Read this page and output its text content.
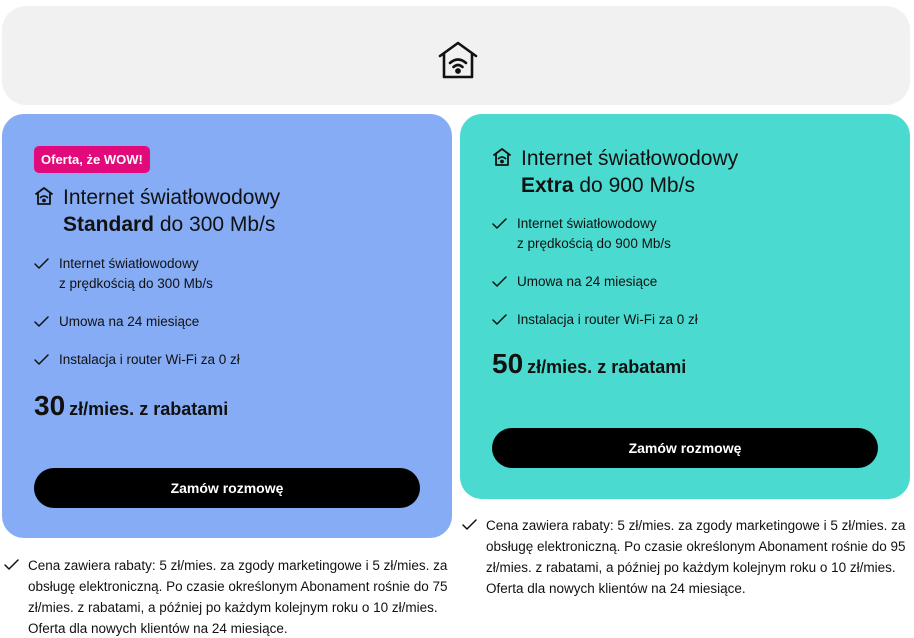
Oferta, że WOW!
Internet światłowodowy
Standard do 300 Mb/s
Internet światłowodowy
z prędkością do 300 Mb/s
Umowa na 24 miesiące
Instalacja i router Wi-Fi za 0 zł
30 zł/mies. z rabatami
Zamów rozmowę
Internet światłowodowy
Extra do 900 Mb/s
Internet światłowodowy
z prędkością do 900 Mb/s
Umowa na 24 miesiące
Instalacja i router Wi-Fi za 0 zł
50 zł/mies. z rabatami
Zamów rozmowę
Cena zawiera rabaty: 5 zł/mies. za zgody marketingowe i 5 zł/mies. za obsługę elektroniczną. Po czasie określonym Abonament rośnie do 75 zł/mies. z rabatami, a później po każdym kolejnym roku o 10 zł/mies. Oferta dla nowych klientów na 24 miesiące.
Cena zawiera rabaty: 5 zł/mies. za zgody marketingowe i 5 zł/mies. za obsługę elektroniczną. Po czasie określonym Abonament rośnie do 95 zł/mies. z rabatami, a później po każdym kolejnym roku o 10 zł/mies. Oferta dla nowych klientów na 24 miesiące.
